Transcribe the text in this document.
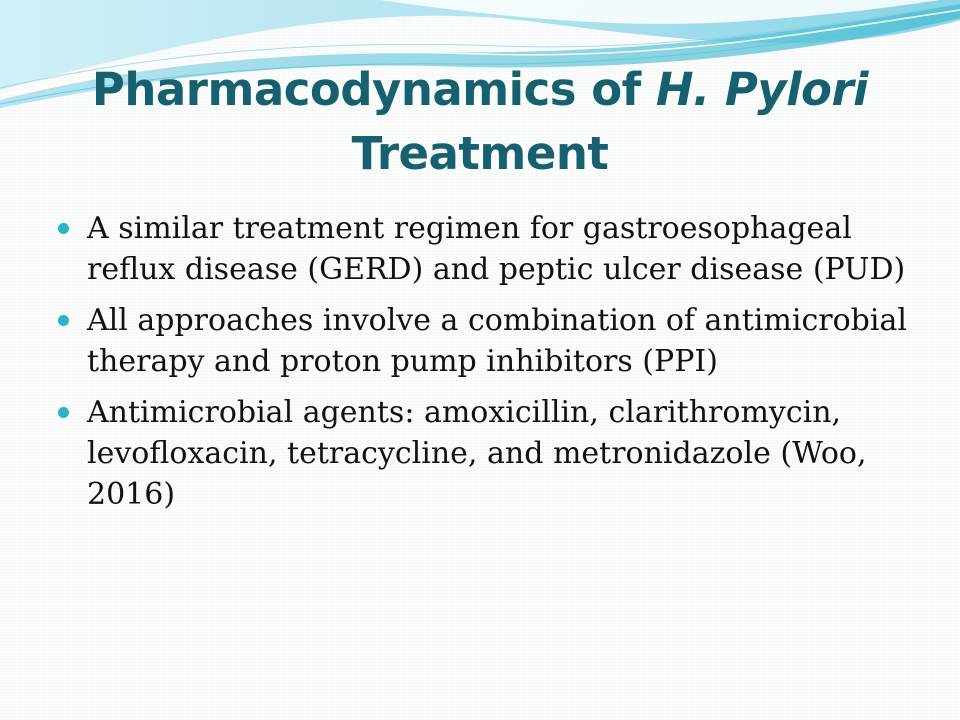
Pharmacodynamics of H. Pylori
Treatment
A similar treatment regimen for gastroesophageal reflux disease (GERD) and peptic ulcer disease (PUD)
All approaches involve a combination of antimicrobial therapy and proton pump inhibitors (PPI)
Antimicrobial agents: amoxicillin, clarithromycin, levofloxacin, tetracycline, and metronidazole (Woo, 2016)
